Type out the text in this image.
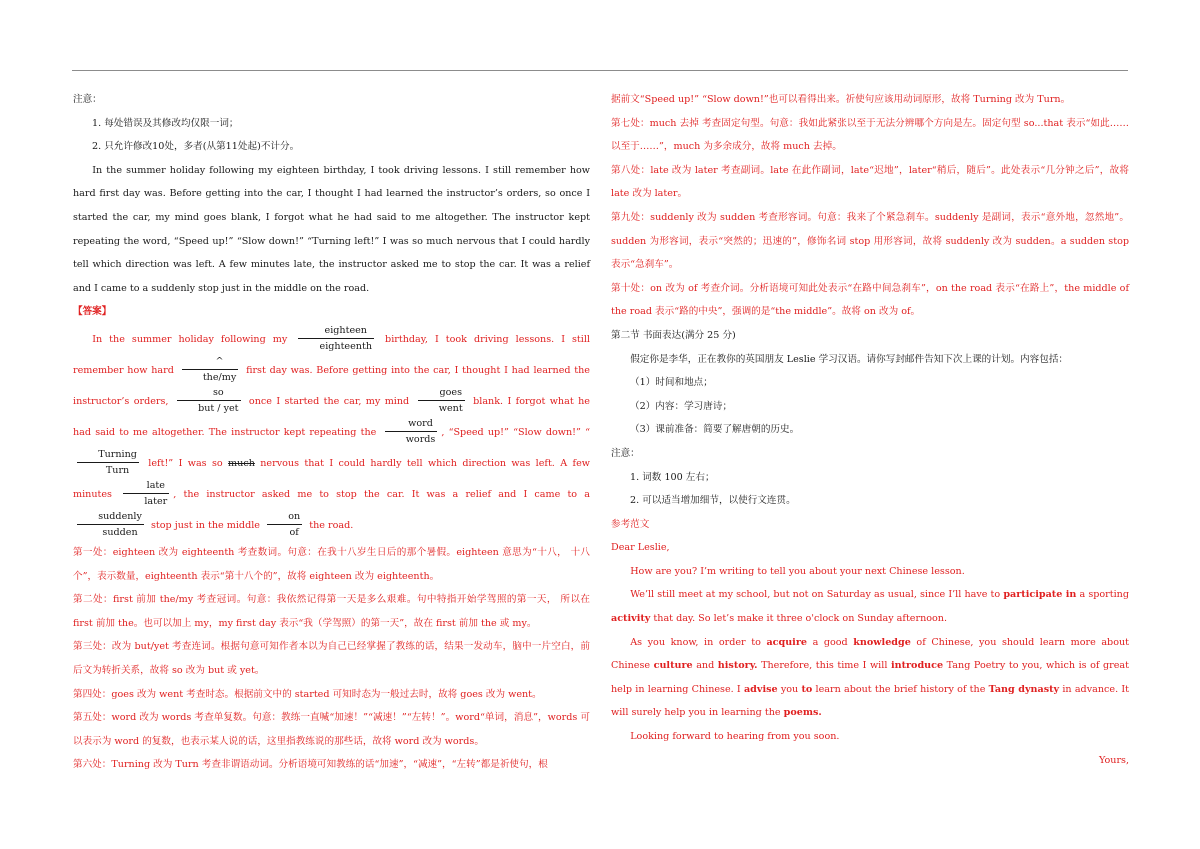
注意：

1. 每处错误及其修改均仅限一词；

2. 只允许修改10处，多者(从第11处起)不计分。

In the summer holiday following my eighteen birthday, I took driving lessons. I still remember how hard first day was. Before getting into the car, I thought I had learned the instructor’s orders, so once I started the car, my mind goes blank, I forgot what he had said to me altogether. The instructor kept repeating the word, “Speed up!” “Slow down!” “Turning left!” I was so much nervous that I could hardly tell which direction was left. A few minutes late, the instructor asked me to stop the car. It was a relief and I came to a suddenly stop just in the middle on the road.

【答案】

In the summer holiday following my
eighteen
eighteenth
birthday, I took driving lessons. I still remember how hard
^
the/my
first day was. Before getting into the car, I thought I had learned the instructor’s orders,
so
but / yet
once I started the car, my mind
goes
went
blank. I forgot what he had said to me altogether. The instructor kept repeating the
word
words
, “Speed up!” “Slow down!” “
Turning
Turn
left!” I was so much nervous that I could hardly tell which direction was left. A few minutes
late
later
, the instructor asked me to stop the car. It was a relief and I came to a
suddenly
sudden
stop just in the middle $\frac{on}{of}$ the road.

第一处：eighteen 改为 eighteenth 考查数词。句意：在我十八岁生日后的那个暑假。eighteen 意思为“十八， 十八个”，表示数量，eighteenth 表示“第十八个的”，故将 eighteen 改为 eighteenth。

第二处：first 前加 the/my 考查冠词。句意：我依然记得第一天是多么艰难。句中特指开始学驾照的第一天， 所以在 first 前加 the。也可以加上 my，my first day 表示“我（学驾照）的第一天”，故在 first 前加 the 或 my。

第三处：改为 but/yet 考查连词。根据句意可知作者本以为自己已经掌握了教练的话，结果一发动车，脑中一片空白，前后文为转折关系，故将 so 改为 but 或 yet。

第四处：goes 改为 went 考查时态。根据前文中的 started 可知时态为一般过去时，故将 goes 改为 went。

第五处：word 改为 words 考查单复数。句意：教练一直喊“加速！”“减速！”“左转！”。word“单词，消息”，words 可以表示为 word 的复数，也表示某人说的话，这里指教练说的那些话，故将 word 改为 words。

第六处：Turning 改为 Turn 考查非谓语动词。分析语境可知教练的话“加速”，“减速”，“左转”都是祈使句，根

据前文“Speed up!” “Slow down!”也可以看得出来。祈使句应该用动词原形，故将 Turning 改为 Turn。

第七处：much 去掉 考查固定句型。句意：我如此紧张以至于无法分辨哪个方向是左。固定句型 so...that 表示“如此……以至于……”，much 为多余成分，故将 much 去掉。

第八处：late 改为 later 考查副词。late 在此作副词，late“迟地”，later“稍后，随后”。此处表示“几分钟之后”，故将 late 改为 later。

第九处：suddenly 改为 sudden 考查形容词。句意：我来了个紧急刹车。suddenly 是副词，表示“意外地，忽然地”。sudden 为形容词，表示“突然的；迅速的”，修饰名词 stop 用形容词，故将 suddenly 改为 sudden。a sudden stop 表示“急刹车”。

第十处：on 改为 of 考查介词。分析语境可知此处表示“在路中间急刹车”，on the road 表示“在路上”，the middle of the road 表示“路的中央”，强调的是“the middle”。故将 on 改为 of。

第二节 书面表达(满分 25 分)

假定你是李华，正在教你的英国朋友 Leslie 学习汉语。请你写封邮件告知下次上课的计划。内容包括：

（1）时间和地点；

（2）内容：学习唐诗；

（3）课前准备：简要了解唐朝的历史。

注意：

1. 词数 100 左右；

2. 可以适当增加细节，以使行文连贯。

参考范文

Dear Leslie,

How are you? I’m writing to tell you about your next Chinese lesson.

We’ll still meet at my school, but not on Saturday as usual, since I’ll have to participate in a sporting activity that day. So let’s make it three o'clock on Sunday afternoon.

As you know, in order to acquire a good knowledge of Chinese, you should learn more about Chinese culture and history. Therefore, this time I will introduce Tang Poetry to you, which is of great help in learning Chinese. I advise you to learn about the brief history of the Tang dynasty in advance. It will surely help you in learning the poems.

Looking forward to hearing from you soon.

Yours,
